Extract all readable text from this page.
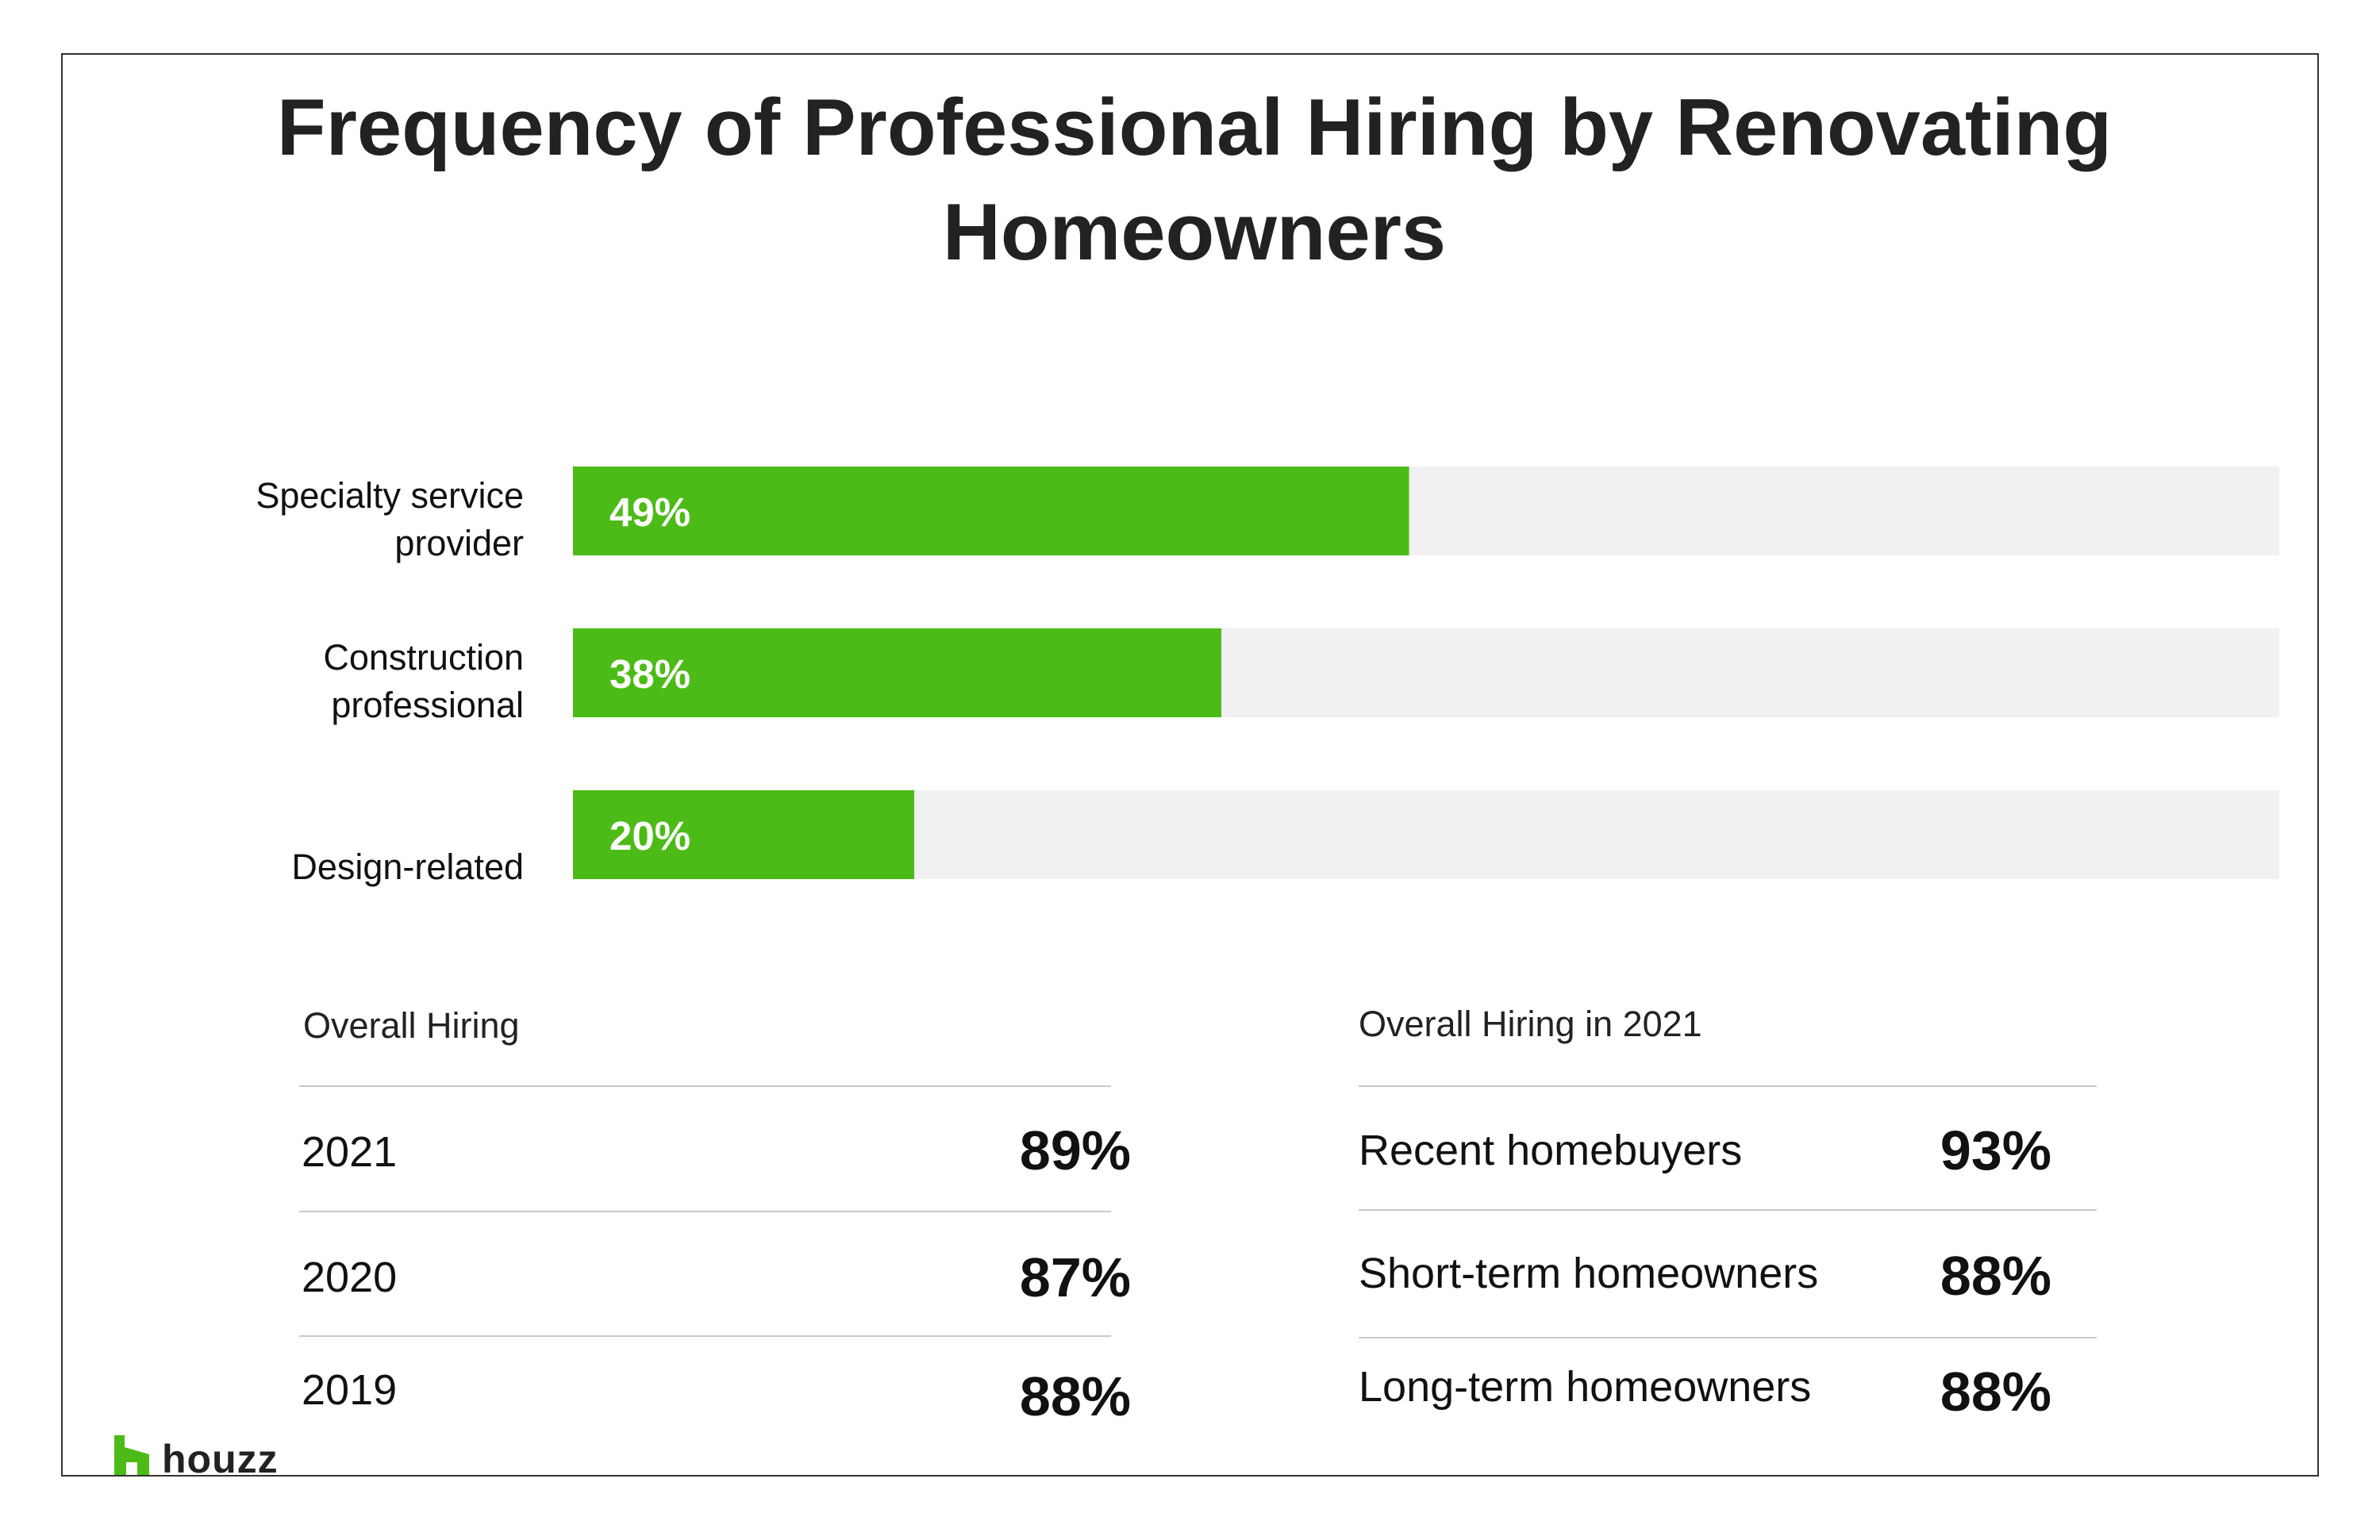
Frequency of Professional Hiring by Renovating
Homeowners
49%
Specialty service
provider
38%
Construction
professional
20%
Design-related
Overall Hiring
2021	89%
2020	87%
2019	88%
Overall Hiring in 2021
Recent homebuyers	93%
Short-term homeowners	88%
Long-term homeowners	88%
houzz
